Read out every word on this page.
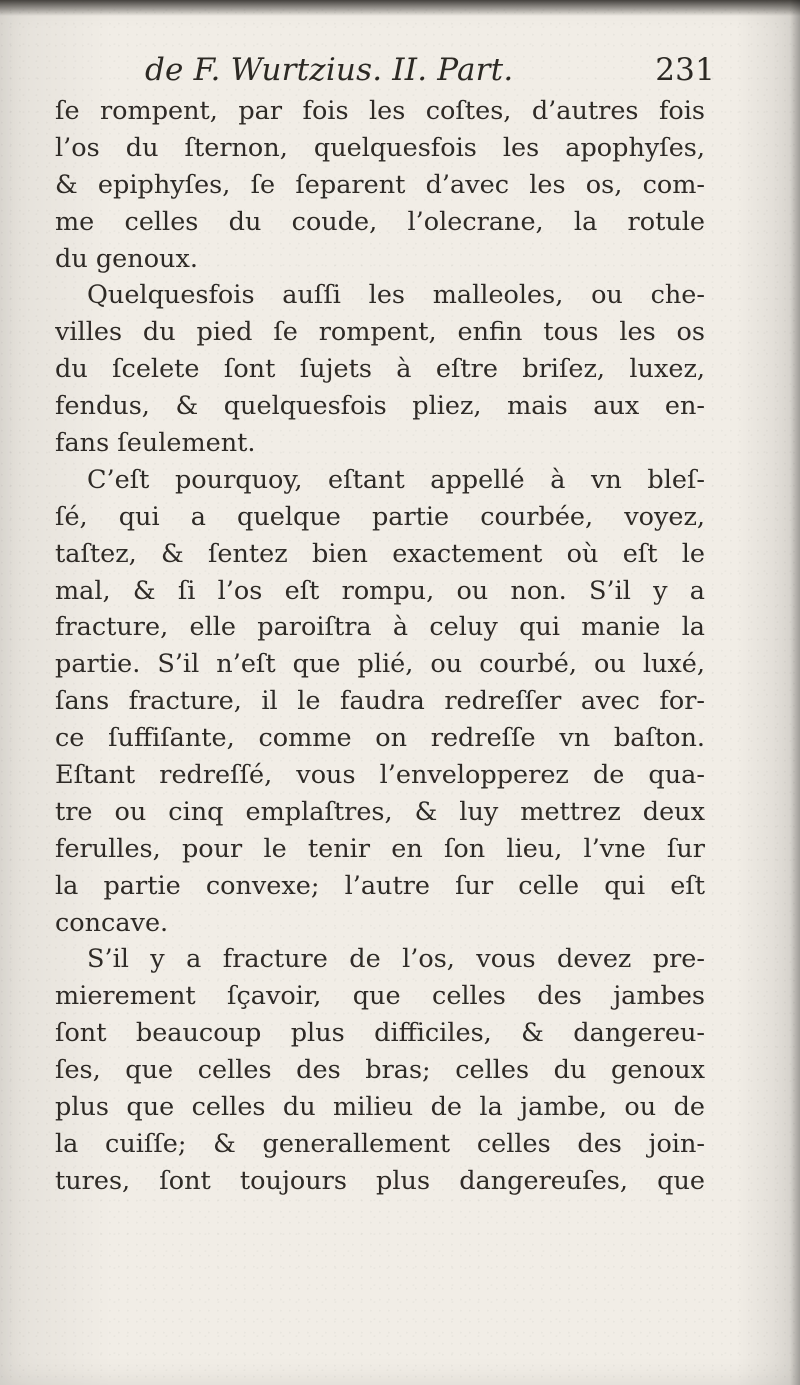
de F. Wurtzius. II. Part.	231
ſe rompent, par fois les coſtes, d’autres fois
l’os du ſternon, quelquesfois les apophyſes,
& epiphyſes, ſe ſeparent d’avec les os, com-
me celles du coude, l’olecrane, la rotule
du genoux.
Quelquesfois auſſi les malleoles, ou che-
villes du pied ſe rompent, enfin tous les os
du ſcelete ſont ſujets à eſtre briſez, luxez,
fendus, & quelquesfois pliez, mais aux en-
fans ſeulement.
C’eſt pourquoy, eſtant appellé à vn bleſ-
ſé, qui a quelque partie courbée, voyez,
taſtez, & ſentez bien exactement où eſt le
mal, & ſi l’os eſt rompu, ou non. S’il y a
fracture, elle paroiſtra à celuy qui manie la
partie. S’il n’eſt que plié, ou courbé, ou luxé,
ſans fracture, il le faudra redreſſer avec for-
ce ſuffiſante, comme on redreſſe vn baſton.
Eſtant redreſſé, vous l’envelopperez de qua-
tre ou cinq emplaſtres, & luy mettrez deux
ferulles, pour le tenir en ſon lieu, l’vne ſur
la partie convexe; l’autre ſur celle qui eſt
concave.
S’il y a fracture de l’os, vous devez pre-
mierement ſçavoir, que celles des jambes
ſont beaucoup plus difficiles, & dangereu-
ſes, que celles des bras; celles du genoux
plus que celles du milieu de la jambe, ou de
la cuiſſe; & generallement celles des join-
tures, ſont toujours plus dangereuſes, que
